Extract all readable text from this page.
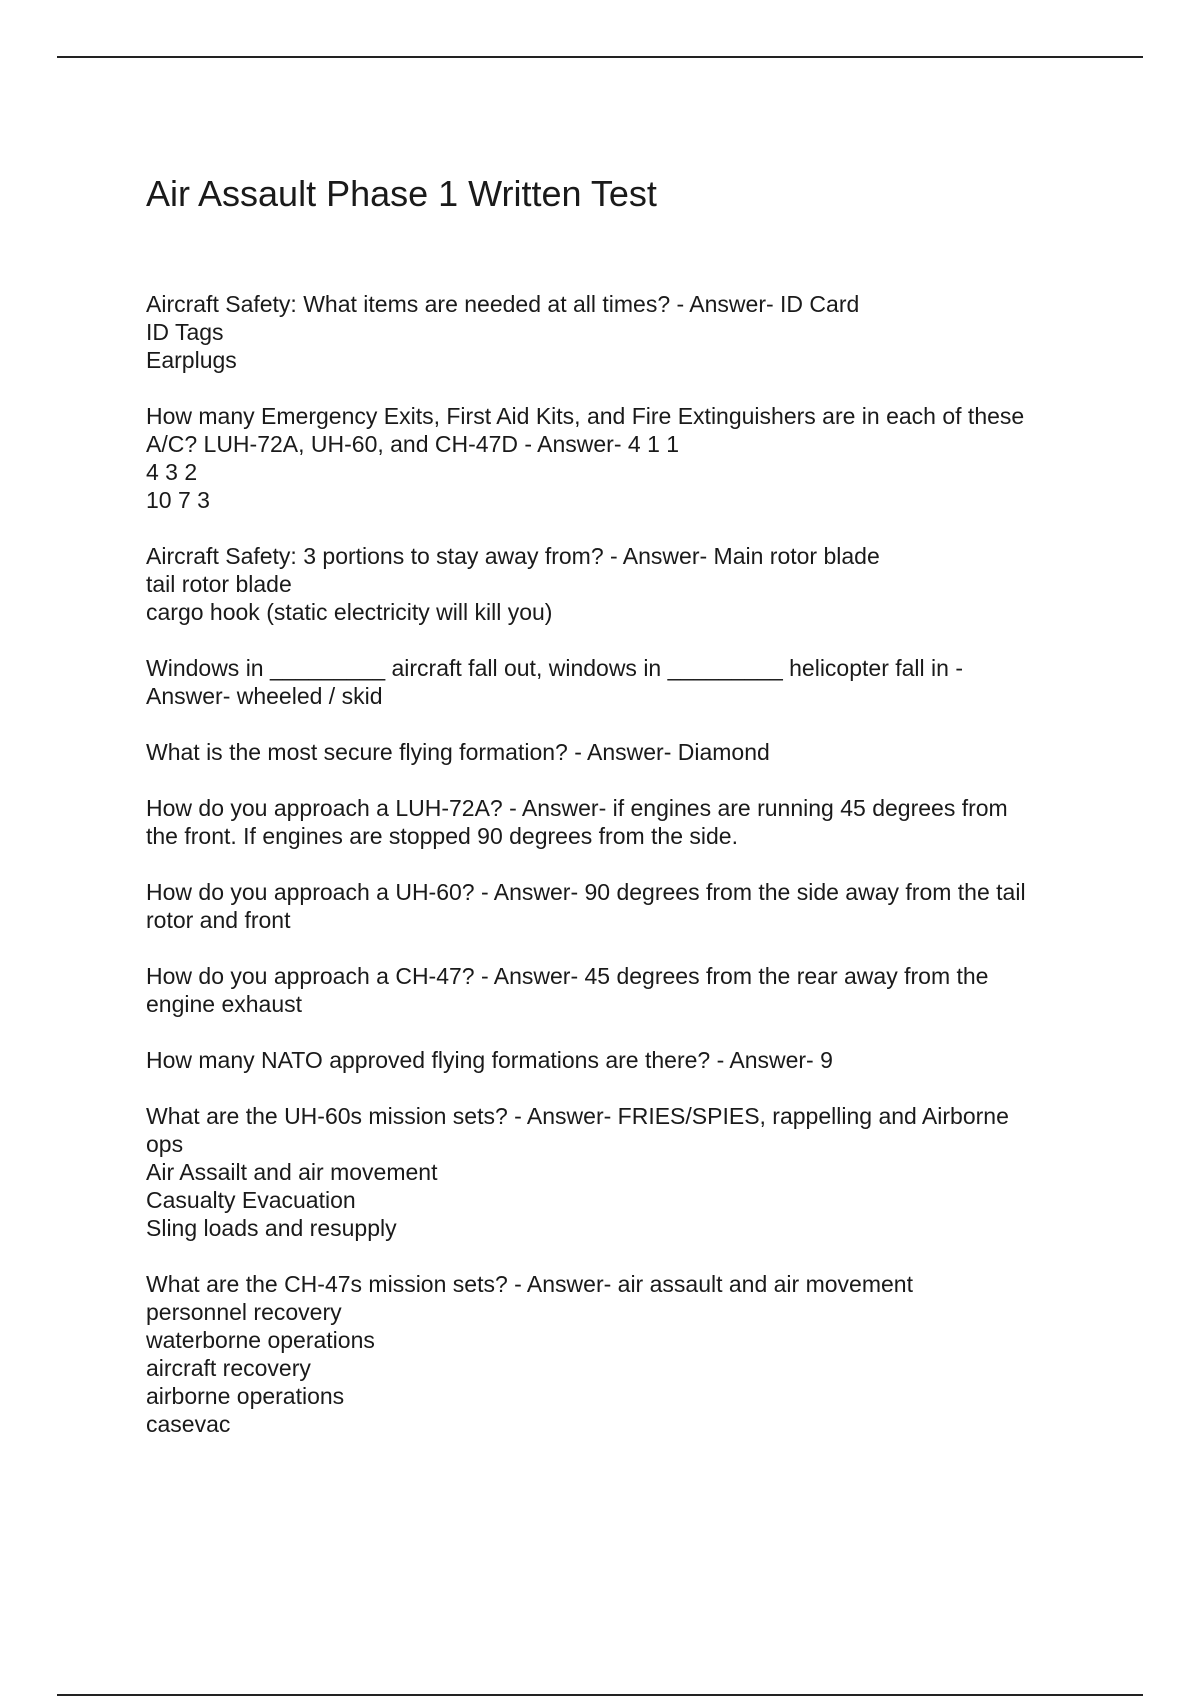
Air Assault Phase 1 Written Test
Aircraft Safety: What items are needed at all times? - Answer- ID Card
ID Tags
Earplugs
How many Emergency Exits, First Aid Kits, and Fire Extinguishers are in each of these
A/C? LUH-72A, UH-60, and CH-47D - Answer- 4 1 1
4 3 2
10 7 3
Aircraft Safety: 3 portions to stay away from? - Answer- Main rotor blade
tail rotor blade
cargo hook (static electricity will kill you)
Windows in _________ aircraft fall out, windows in _________ helicopter fall in -
Answer- wheeled / skid
What is the most secure flying formation? - Answer- Diamond
How do you approach a LUH-72A? - Answer- if engines are running 45 degrees from
the front. If engines are stopped 90 degrees from the side.
How do you approach a UH-60? - Answer- 90 degrees from the side away from the tail
rotor and front
How do you approach a CH-47? - Answer- 45 degrees from the rear away from the
engine exhaust
How many NATO approved flying formations are there? - Answer- 9
What are the UH-60s mission sets? - Answer- FRIES/SPIES, rappelling and Airborne
ops
Air Assailt and air movement
Casualty Evacuation
Sling loads and resupply
What are the CH-47s mission sets? - Answer- air assault and air movement
personnel recovery
waterborne operations
aircraft recovery
airborne operations
casevac
